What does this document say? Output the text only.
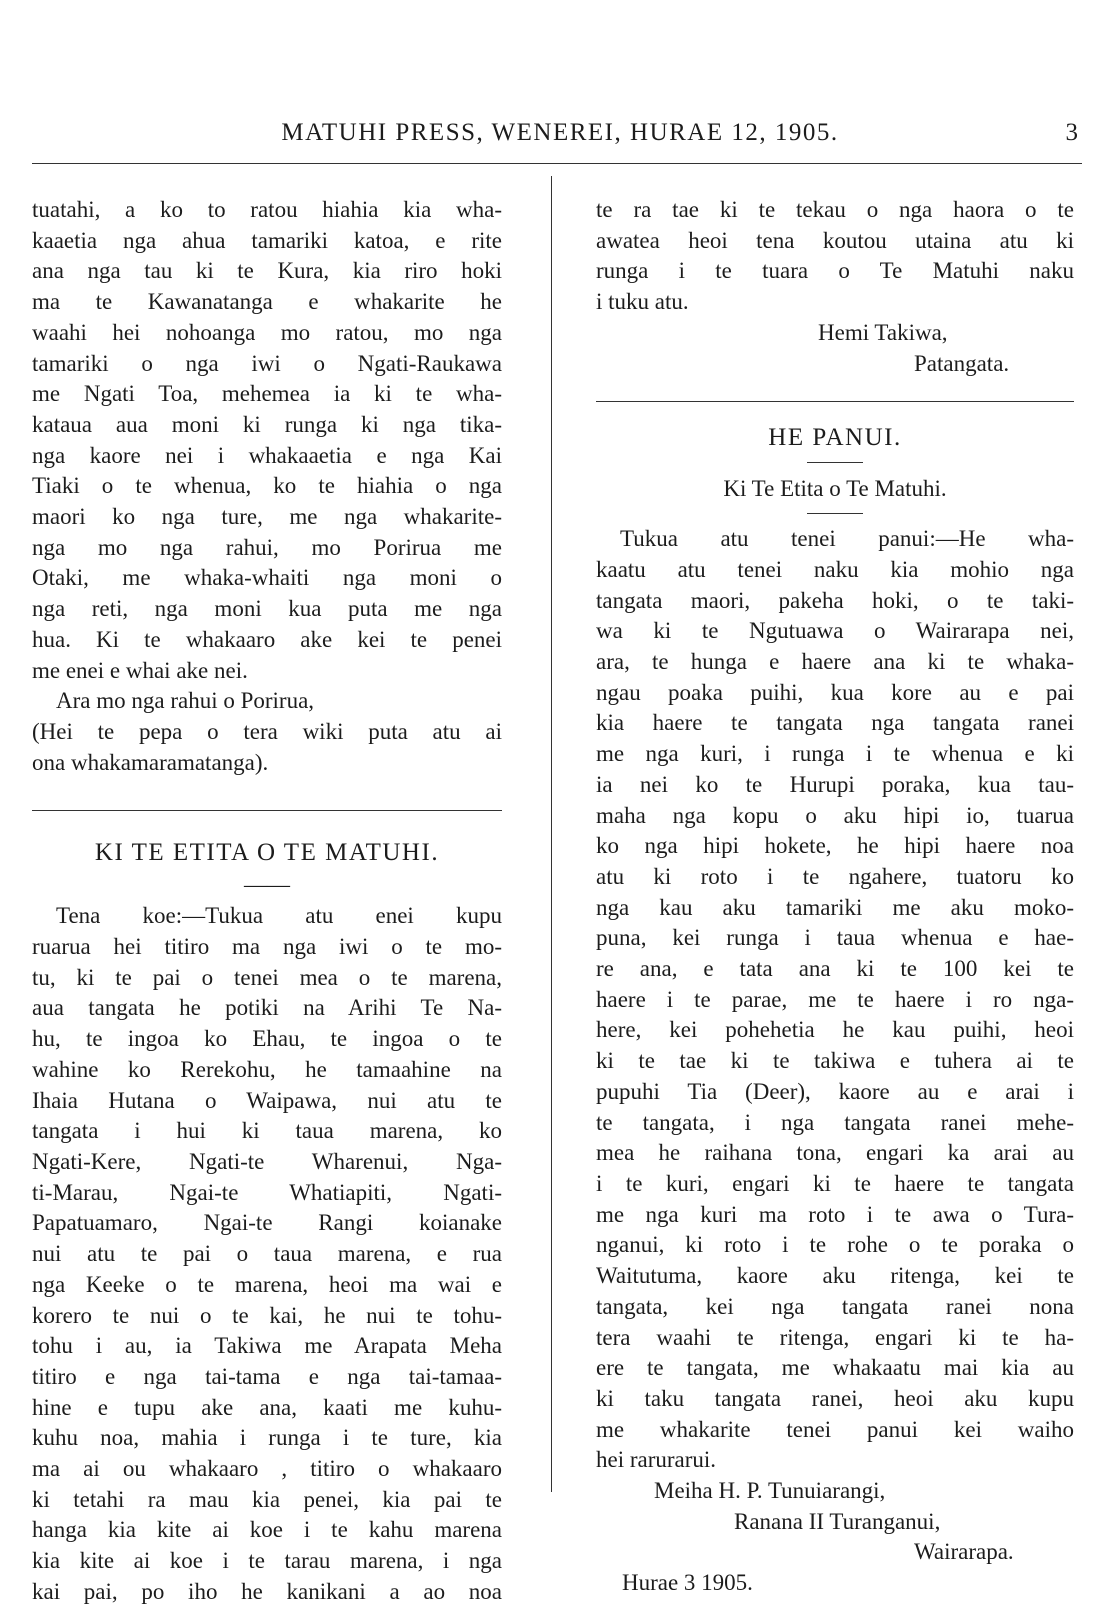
MATUHI PRESS, WENEREI, HURAE 12, 1905.	3
tuatahi, a ko to ratou hiahia kia wha-
kaaetia nga ahua tamariki katoa, e rite
ana nga tau ki te Kura, kia riro hoki
ma te Kawanatanga e whakarite he
waahi hei nohoanga mo ratou, mo nga
tamariki o nga iwi o Ngati-Raukawa
me Ngati Toa, mehemea ia ki te wha-
kataua aua moni ki runga ki nga tika-
nga kaore nei i whakaaetia e nga Kai
Tiaki o te whenua, ko te hiahia o nga
maori ko nga ture, me nga whakarite-
nga mo nga rahui, mo Porirua me
Otaki, me whaka-whaiti nga moni o
nga reti, nga moni kua puta me nga
hua. Ki te whakaaro ake kei te penei
me enei e whai ake nei.
Ara mo nga rahui o Porirua,
(Hei te pepa o tera wiki puta atu ai
ona whakamaramatanga).
KI TE ETITA O TE MATUHI.
——
Tena koe:—Tukua atu enei kupu
ruarua hei titiro ma nga iwi o te mo-
tu, ki te pai o tenei mea o te marena,
aua tangata he potiki na Arihi Te Na-
hu, te ingoa ko Ehau, te ingoa o te
wahine ko Rerekohu, he tamaahine na
Ihaia Hutana o Waipawa, nui atu te
tangata i hui ki taua marena, ko
Ngati-Kere, Ngati-te Wharenui, Nga-
ti-Marau, Ngai-te Whatiapiti, Ngati-
Papatuamaro, Ngai-te Rangi koianake
nui atu te pai o taua marena, e rua
nga Keeke o te marena, heoi ma wai e
korero te nui o te kai, he nui te tohu-
tohu i au, ia Takiwa me Arapata Meha
titiro e nga tai-tama e nga tai-tamaa-
hine e tupu ake ana, kaati me kuhu-
kuhu noa, mahia i runga i te ture, kia
ma ai ou whakaaro , titiro o whakaaro
ki tetahi ra mau kia penei, kia pai te
hanga kia kite ai koe i te kahu marena
kia kite ai koe i te tarau marena, i nga
kai pai, po iho he kanikani a ao noa
te ra tae ki te tekau o nga haora o te
awatea heoi tena koutou utaina atu ki
runga i te tuara o Te Matuhi naku
i tuku atu.
Hemi Takiwa,
Patangata.
HE PANUI.
Ki Te Etita o Te Matuhi.
Tukua atu tenei panui:—He wha-
kaatu atu tenei naku kia mohio nga
tangata maori, pakeha hoki, o te taki-
wa ki te Ngutuawa o Wairarapa nei,
ara, te hunga e haere ana ki te whaka-
ngau poaka puihi, kua kore au e pai
kia haere te tangata nga tangata ranei
me nga kuri, i runga i te whenua e ki
ia nei ko te Hurupi poraka, kua tau-
maha nga kopu o aku hipi io, tuarua
ko nga hipi hokete, he hipi haere noa
atu ki roto i te ngahere, tuatoru ko
nga kau aku tamariki me aku moko-
puna, kei runga i taua whenua e hae-
re ana, e tata ana ki te 100 kei te
haere i te parae, me te haere i ro nga-
here, kei pohehetia he kau puihi, heoi
ki te tae ki te takiwa e tuhera ai te
pupuhi Tia (Deer), kaore au e arai i
te tangata, i nga tangata ranei mehe-
mea he raihana tona, engari ka arai au
i te kuri, engari ki te haere te tangata
me nga kuri ma roto i te awa o Tura-
nganui, ki roto i te rohe o te poraka o
Waitutuma, kaore aku ritenga, kei te
tangata, kei nga tangata ranei nona
tera waahi te ritenga, engari ki te ha-
ere te tangata, me whakaatu mai kia au
ki taku tangata ranei, heoi aku kupu
me whakarite tenei panui kei waiho
hei rarurarui.
Meiha H. P. Tunuiarangi,
Ranana II Turanganui,
Wairarapa.
Hurae 3 1905.
